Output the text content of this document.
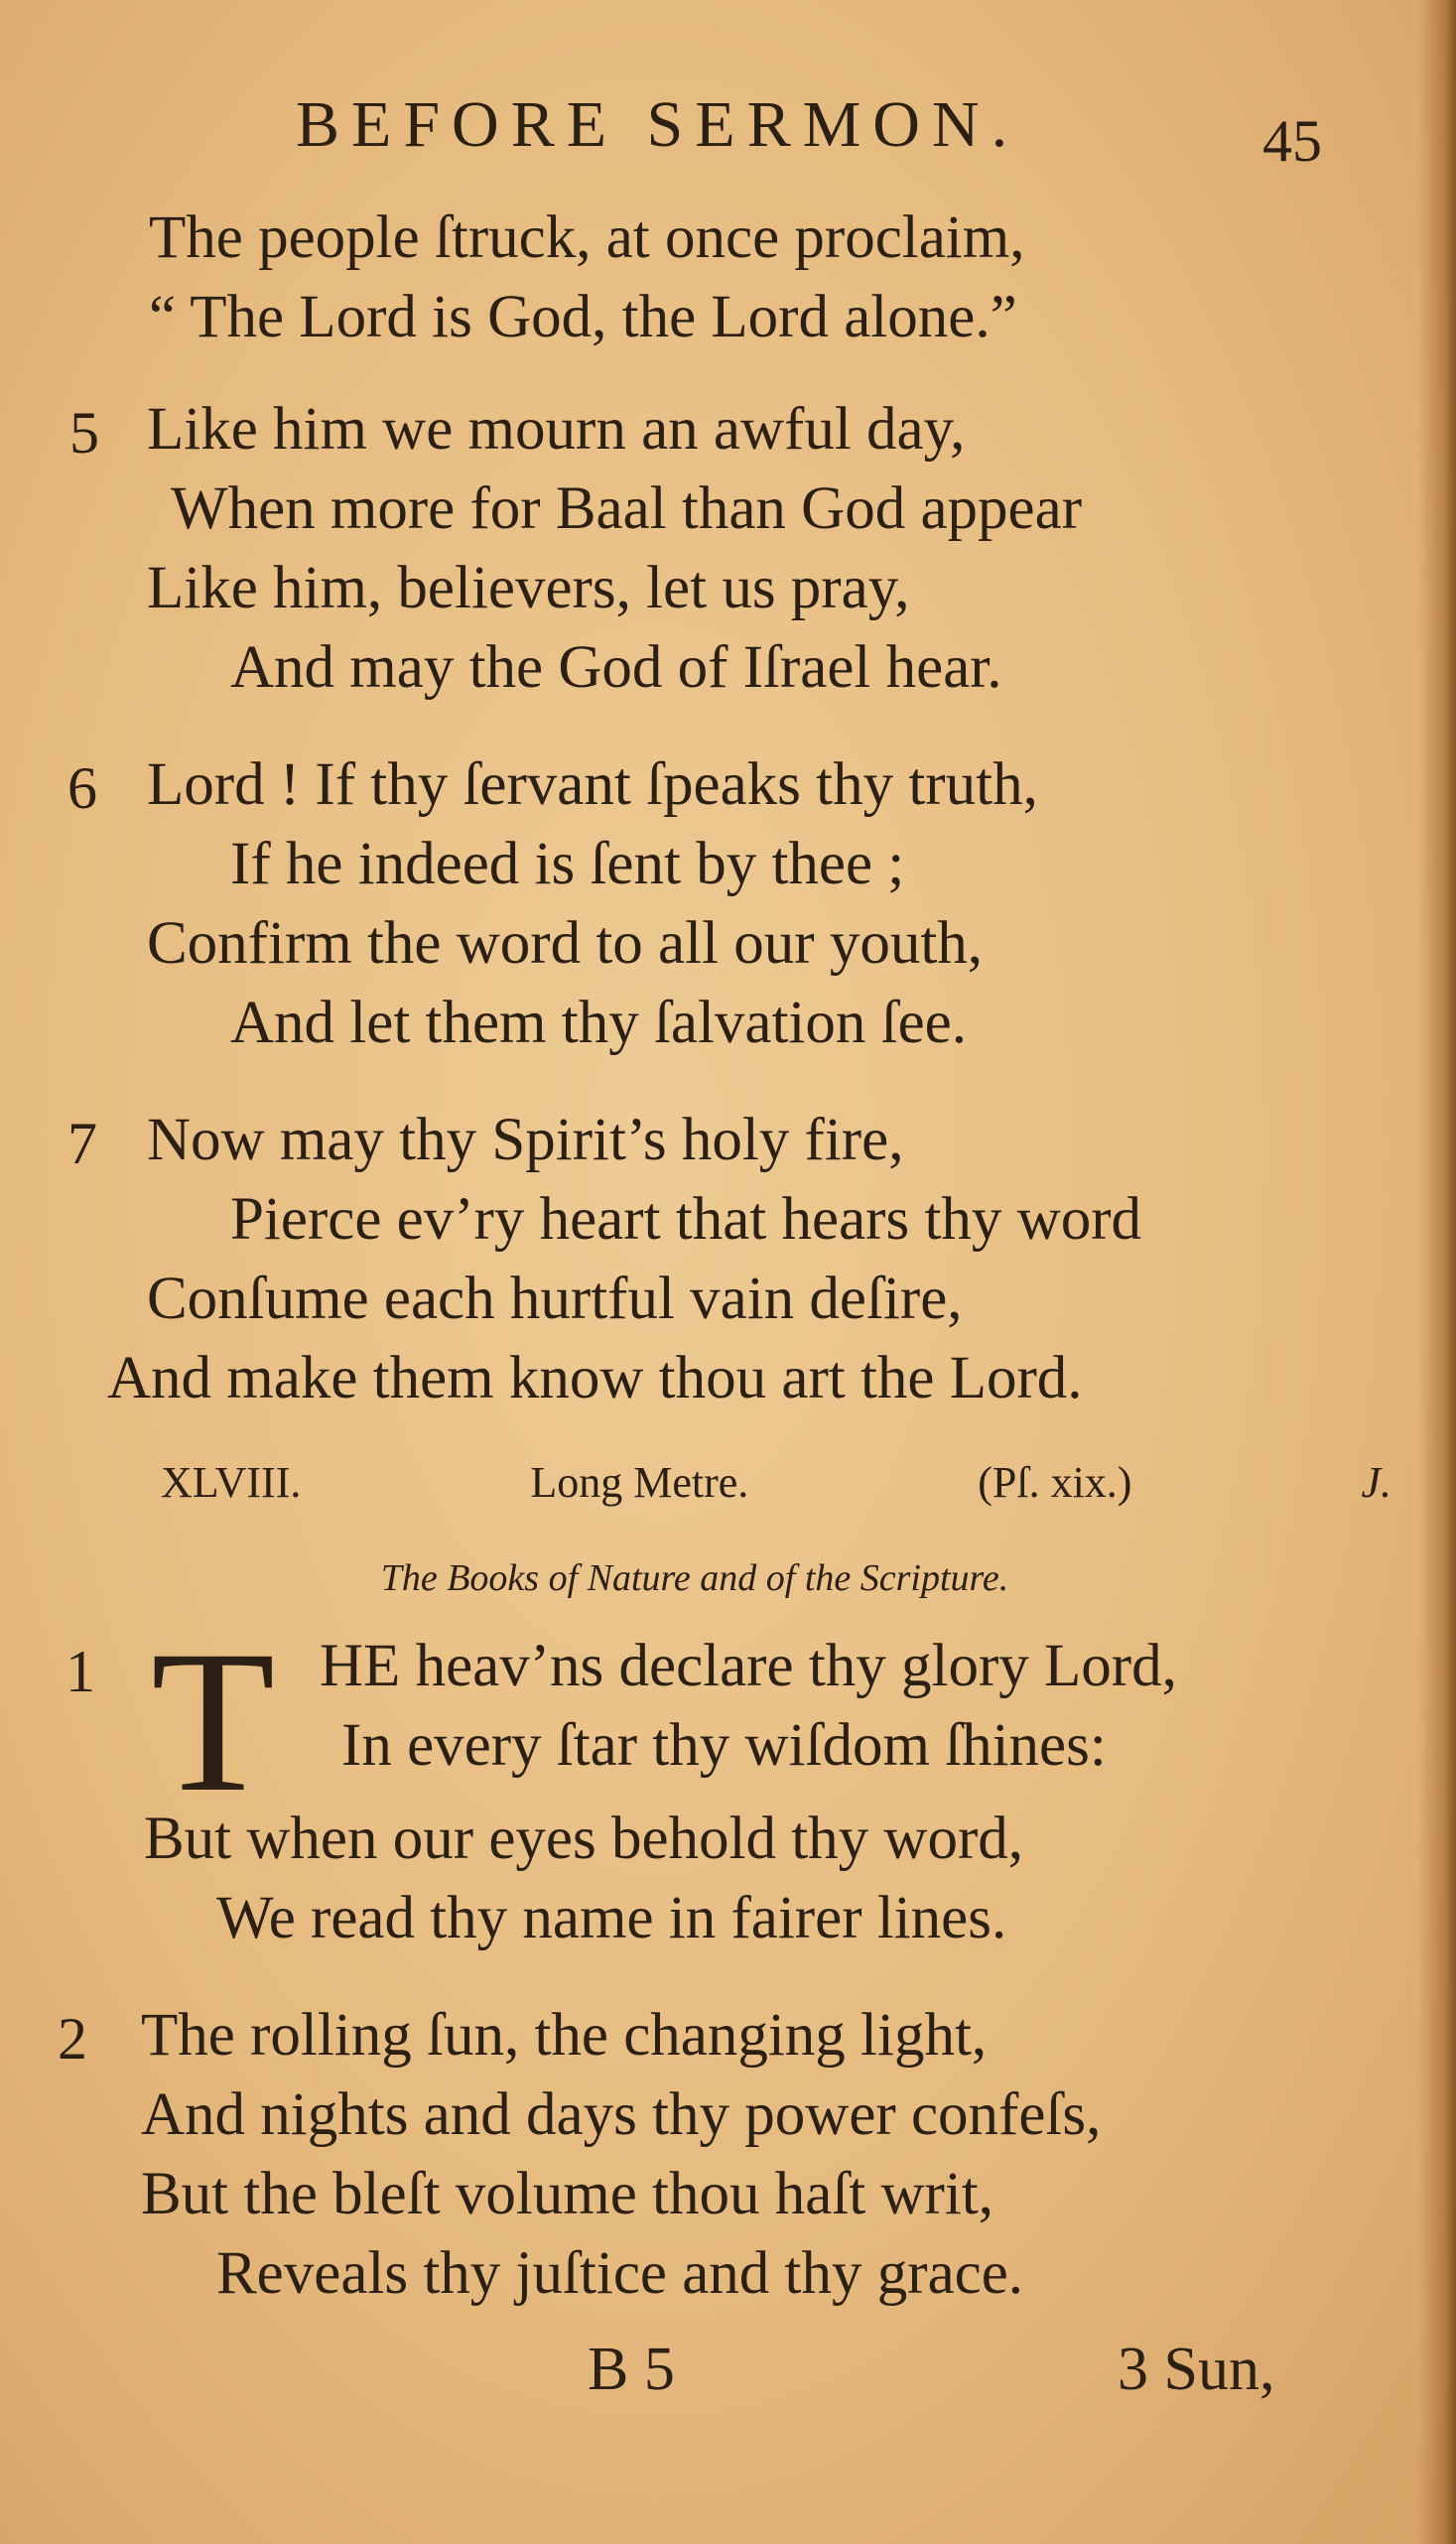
BEFORE SERMON.	45
The people ſtruck, at once proclaim,
“ The Lord is God, the Lord alone.”
5 Like him we mourn an awful day,
When more for Baal than God appear
Like him, believers, let us pray,
And may the God of Iſrael hear.
6 Lord ! If thy ſervant ſpeaks thy truth,
If he indeed is ſent by thee ;
Confirm the word to all our youth,
And let them thy ſalvation ſee.
7 Now may thy Spirit’s holy fire,
Pierce ev’ry heart that hears thy word
Conſume each hurtful vain deſire,
And make them know thou art the Lord.
XLVIII.	Long Metre.	(Pſ. xix.)	J.
The Books of Nature and of the Scripture.
1 T HE heav’ns declare thy glory Lord,
In every ſtar thy wiſdom ſhines:
But when our eyes behold thy word,
We read thy name in fairer lines.
2 The rolling ſun, the changing light,
And nights and days thy power confeſs,
But the bleſt volume thou haſt writ,
Reveals thy juſtice and thy grace.
B 5	3 Sun,
